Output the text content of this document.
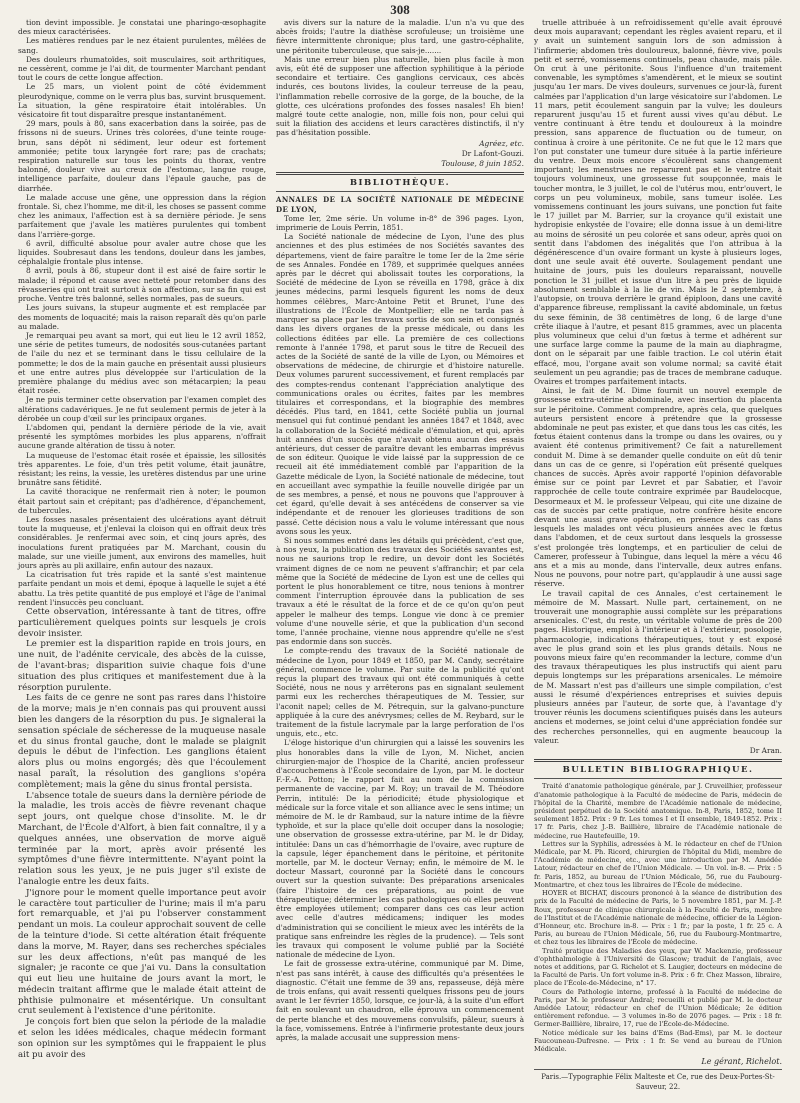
308

tion devint impossible. Je constatai une pharingo-œsophagite des mieux caractérisées.

Les matières rendues par le nez étaient purulentes, mêlées de sang.

Des douleurs rhumatoïdes, soit musculaires, soit arthritiques, ne cessèrent, comme je l'ai dit, de tourmenter Marchant pendant tout le cours de cette longue affection.

Le 25 mars, un violent point de côté évidemment pleurodynique, comme on le verra plus bas, survint brusquement. La situation, la gêne respiratoire était intolérables. Un vésicatoire fit tout disparaître presque instantanément.

29 mars, pouls à 80, sans exacerbation dans la soirée, pas de frissons ni de sueurs. Urines très colorées, d'une teinte rouge-brun, sans dépôt ni sédiment, leur odeur est fortement ammoniée; petite toux laryngée fort rare; pas de crachats; respiration naturelle sur tous les points du thorax, ventre balonné, douleur vive au creux de l'estomac, langue rouge, intelligence parfaite, douleur dans l'épaule gauche, pas de diarrhée.

Le malade accuse une gêne, une oppression dans la région frontale. Si, chez l'homme, me dit-il, les choses se passent comme chez les animaux, l'affection est à sa dernière période. Je sens parfaitement que j'avale les matières purulentes qui tombent dans l'arrière-gorge.

6 avril, difficulté absolue pour avaler autre chose que les liquides. Soubresaut dans les tendons, douleur dans les jambes, céphalalgie frontale plus intense.

8 avril, pouls à 86, stupeur dont il est aisé de faire sortir le malade; il répond et cause avec netteté pour retomber dans des rêvasseries qui ont trait surtout à son affection, sur sa fin qui est proche. Ventre très balonné, selles normales, pas de sueurs.

Les jours suivans, la stupeur augmente et est remplacée par des moments de loquacité; mais la raison reparaît dès qu'on parle au malade.

Je remarquai peu avant sa mort, qui eut lieu le 12 avril 1852, une série de petites tumeurs, de nodosités sous-cutanées partant de l'aile du nez et se terminant dans le tissu cellulaire de la pommette; le dos de la main gauche en présentait aussi plusieurs et une entre autres plus développée sur l'articulation de la première phalange du médius avec son métacarpien; la peau était rosée.

Je ne puis terminer cette observation par l'examen complet des altérations cadavériques. Je ne fut seulement permis de jeter à la dérobée un coup d'œil sur les principaux organes.

L'abdomen qui, pendant la dernière période de la vie, avait présenté les symptômes morbides les plus apparens, n'offrait aucune grande altération de tissu à noter.

La muqueuse de l'estomac était rosée et épaissie, les sillosités très apparentes. Le foie, d'un très petit volume, était jaunâtre, résistant; les reins, la vessie, les uretères distendus par une urine brunâtre sans fétidité.

La cavité thoracique ne renfermait rien à noter; le poumon était partout sain et crépitant; pas d'adhérence, d'épanchement, de tubercules.

Les fosses nasales présentaient des ulcérations ayant détruit toute la muqueuse, et j'enlevai la cloison qui en offrait deux très considérables. Je renfermai avec soin, et cinq jours après, des inoculations furent pratiquées par M. Marchant, cousin du malade, sur une vieille jument, aux environs des mamelles, huit jours après au pli axillaire, enfin autour des nazaux.

La cicatrisation fut très rapide et la santé s'est maintenue parfaite pendant un mois et demi, époque à laquelle le sujet a été abattu. La très petite quantité de pus employé et l'âge de l'animal rendent l'insuccès peu concluant.

Cette observation, intéressante à tant de titres, offre particulièrement quelques points sur lesquels je crois devoir insister.

Le premier est la disparition rapide en trois jours, en une nuit, de l'adénite cervicale, des abcès de la cuisse, de l'avant-bras; disparition suivie chaque fois d'une situation des plus critiques et manifestement due à la résorption purulente.

Les faits de ce genre ne sont pas rares dans l'histoire de la morve; mais je n'en connais pas qui prouvent aussi bien les dangers de la résorption du pus. Je signalerai la sensation spéciale de sécheresse de la muqueuse nasale et du sinus frontal gauche, dont le malade se plaignit depuis le début de l'infection. Les ganglions étaient alors plus ou moins engorgés; dès que l'écoulement nasal paraît, la résolution des ganglions s'opéra complètement; mais la gêne du sinus frontal persista.

L'absence totale de sueurs dans la dernière période de la maladie, les trois accès de fièvre revenant chaque sept jours, ont quelque chose d'insolite. M. le dr Marchant, de l'École d'Alfort, à bien fait connaître, il y a quelques années, une observation de morve aiguë terminée par la mort, après avoir présenté les symptômes d'une fièvre intermittente. N'ayant point la relation sous les yeux, je ne puis juger s'il existe de l'analogie entre les deux faits.

J'ignore pour le moment quelle importance peut avoir le caractère tout particulier de l'urine; mais il m'a paru fort remarquable, et j'ai pu l'observer constamment pendant un mois. La couleur approchait souvent de celle de la teinture d'iode. Si cette altération était fréquente dans la morve, M. Rayer, dans ses recherches spéciales sur les deux affections, n'eût pas manqué de les signaler; je raconte ce que j'ai vu. Dans la consultation qui eut lieu une huitaine de jours avant la mort, le médecin traitant affirme que le malade était atteint de phthisie pulmonaire et mésentérique. Un consultant crut seulement à l'existence d'une péritonite.

Je conçois fort bien que selon la période de la maladie et selon les idées médicales, chaque médecin formant son opinion sur les symptômes qui le frappaient le plus ait pu avoir des

avis divers sur la nature de la maladie. L'un n'a vu que des abcès froids; l'autre la diathèse scrofuleuse; un troisième une fièvre intermittente chronique; plus tard, une gastro-céphalite, une péritonite tuberculeuse, que sais-je.......

Mais une erreur bien plus naturelle, bien plus facile à mon avis, eût été de supposer une affection syphilitique à la période secondaire et tertiaire. Ces ganglions cervicaux, ces abcès indurés, ces boutons livides, la couleur terreuse de la peau, l'inflammation rebelle corrosive de la gorge, de la bouche, de la glotte, ces ulcérations profondes des fosses nasales! Eh bien! malgré toute cette analogie, non, mille fois non, pour celui qui suit la filiation des accidens et leurs caractères distinctifs, il n'y pas d'hésitation possible.

Agréez, etc.
Dr Lafont-Gouzi.
Toulouse, 8 juin 1852.
BIBLIOTHÈQUE.
ANNALES DE LA SOCIÉTÉ NATIONALE DE MÉDECINE DE LYON,

Tome Ier, 2me série. Un volume in-8° de 396 pages. Lyon, imprimerie de Louis Perrin, 1851.

La Société nationale de médecine de Lyon, l'une des plus anciennes et des plus estimées de nos Sociétés savantes des départemens, vient de faire paraître le tome Ier de la 2me série de ses Annales. Fondée en 1789, et supprimée quelques années après par le décret qui abolissait toutes les corporations, la Société de médecine de Lyon se réveilla en 1798, grâce à dix jeunes médecins, parmi lesquels figurent les noms de deux hommes célèbres, Marc-Antoine Petit et Brunet, l'une des illustrations de l'École de Montpellier; elle ne tarda pas à marquer sa place par les travaux sortis de son sein et consignés dans les divers organes de la presse médicale, ou dans les collections éditées par elle. La première de ces collections remonte à l'année 1798, et parut sous le titre de Recueil des actes de la Société de santé de la ville de Lyon, ou Mémoires et observations de médecine, de chirurgie et d'histoire naturelle. Deux volumes parurent successivement, et furent remplacés par des comptes-rendus contenant l'appréciation analytique des communications orales ou écrites, faites par les membres titulaires et correspondans, et la biographie des membres décédés. Plus tard, en 1841, cette Société publia un journal mensuel qui fut continué pendant les années 1847 et 1848, avec la collaboration de la Société médicale d'émulation, et qui, après huit années d'un succès que n'avait obtenu aucun des essais antérieurs, dut cesser de paraître devant les embarras imprévus de son éditeur. Quoique le vide laissé par la suppression de ce recueil ait été immédiatement comblé par l'apparition de la Gazette médicale de Lyon, la Société nationale de médecine, tout en accueillant avec sympathie la feuille nouvelle dirigée par un de ses membres, a pensé, et nous ne pouvons que l'approuver à cet égard, qu'elle devait à ses antécédens de conserver sa vie indépendante et de renouer les glorieuses traditions de son passé. Cette décision nous a valu le volume intéressant que nous avons sous les yeux.

Si nous sommes entré dans les détails qui précèdent, c'est que, à nos yeux, la publication des travaux des Sociétés savantes est, nous ne saurions trop le redire, un devoir dont les Sociétés vraiment dignes de ce nom ne peuvent s'affranchir; et par cela même que la Société de médecine de Lyon est une de celles qui portent le plus honorablement ce titre, nous tenions à montrer comment l'interruption éprouvée dans la publication de ses travaux a été le résultat de la force et de ce qu'on qu'on peut appeler le malheur des temps. Longue vie donc à ce premier volume d'une nouvelle série, et que la publication d'un second tome, l'année prochaine, vienne nous apprendre qu'elle ne s'est pas endormie dans son succès.

Le compte-rendu des travaux de la Société nationale de médecine de Lyon, pour 1849 et 1850, par M. Candy, secrétaire général, commence le volume. Par suite de la publicité qu'ont reçus la plupart des travaux qui ont été communiqués à cette Société, nous ne nous y arrêterons pas en signalant seulement parmi eux les recherches thérapeutiques de M. Tessier, sur l'aconit napel; celles de M. Pétrequin, sur la galvano-puncture appliquée à la cure des anévrysmes; celles de M. Reybard, sur le traitement de la fistule lacrymale par la large perforation de l'os unguis, etc., etc.

L'éloge historique d'un chirurgien qui a laissé les souvenirs les plus honorables dans la ville de Lyon, M. Nichet, ancien chirurgien-major de l'hospice de la Charité, ancien professeur d'accouchemens à l'École secondaire de Lyon, par M. le docteur F.-F.-A. Potton; le rapport fait au nom de la commission permanente de vaccine, par M. Roy; un travail de M. Théodore Perrin, intitulé: De la périodicité; étude physiologique et médicale sur la force vitale et son alliance avec le sens intime; un mémoire de M. le dr Rambaud, sur la nature intime de la fièvre typhoïde, et sur la place qu'elle doit occuper dans la nosologie; une observation de grossesse extra-utérine, par M. le dr Diday, intitulée: Dans un cas d'hémorrhagie de l'ovaire, avec rupture de la capsule, léger épanchement dans le péritoine, et péritonite mortelle, par M. le docteur Vernay; enfin, le mémoire de M. le docteur Massart, couronné par la Société dans le concours ouvert sur la question suivante: Des préparations arsenicales (faire l'histoire de ces préparations, au point de vue thérapeutique; déterminer les cas pathologiques où elles peuvent être employées utilement; comparer dans ces cas leur action avec celle d'autres médicamens; indiquer les modes d'administration qui se concilient le mieux avec les intérêts de la pratique sans enfreindre les règles de la prudence). — Tels sont les travaux qui composent le volume publié par la Société nationale de médecine de Lyon.

Le fait de grossesse extra-utérine, communiqué par M. Dime, n'est pas sans intérêt, à cause des difficultés qu'a présentées le diagnostic. C'était une femme de 39 ans, repasseuse, déjà mère de trois enfans, qui avait ressenti quelques frissons peu de jours avant le 1er février 1850, lorsque, ce jour-là, à la suite d'un effort fait en soulevant un chaudron, elle éprouva un commencement de perte blanche et des mouvemens convulsifs, pâleur, sueurs à la face, vomissemens. Entrée à l'infirmerie protestante deux jours après, la malade accusait une suppression mens-

truelle attribuée à un refroidissement qu'elle avait éprouvé deux mois auparavant; cependant les règles avaient reparu, et il y avait un suintement sanguin lors de son admission à l'infirmerie; abdomen très douloureux, balonné, fièvre vive, pouls petit et serré, vomissemens continuels, peau chaude, mais pâle. On crut à une péritonite. Sous l'influence d'un traitement convenable, les symptômes s'amendèrent, et le mieux se soutint jusqu'au 1er mars. De vives douleurs, survenues ce jour-là, furent calmées par l'application d'un large vésicatoire sur l'abdomen. Le 11 mars, petit écoulement sanguin par la vulve; les douleurs reparurent jusqu'au 15 et furent aussi vives qu'au début. Le ventre continuant à être tendu et douloureux à la moindre pression, sans apparence de fluctuation ou de tumeur, on continua à croire à une péritonite. Ce ne fut que le 12 mars que l'on put constater une tumeur dure située à la partie inférieure du ventre. Deux mois encore s'écoulèrent sans changement important; les menstrues ne reparurent pas et le ventre était toujours volumineux, une grossesse fut soupçonnée, mais le toucher montra, le 3 juillet, le col de l'utérus mou, entr'ouvert, le corps un peu volumineux, mobile, sans tumeur isolée. Les vomissemens continuant les jours suivans, une ponction fut faite le 17 juillet par M. Barrier, sur la croyance qu'il existait une hydropisie enkystée de l'ovaire; elle donna issue à un demi-litre au moins de sérosité un peu colorée et sans odeur, après quoi on sentit dans l'abdomen des inégalités que l'on attribua à la dégénérescence d'un ovaire formant un kyste à plusieurs loges, dont une seule avait été ouverte. Soulagement pendant une huitaine de jours, puis les douleurs reparaissant, nouvelle ponction le 31 juillet et issue d'un litre à peu près de liquide absolument semblable à la lie de vin. Mais le 2 septembre, à l'autopsie, on trouva derrière le grand épiploon, dans une cavité d'apparence fibreuse, remplissant la cavité abdominale, un fœtus du sexe féminin, de 38 centimètres de long, 6 de large d'une crête iliaque à l'autre, et pesant 815 grammes, avec un placenta plus volumineux que celui d'un fœtus à terme et adhérent sur une surface large comme la paume de la main au diaphragme, dont on le séparait par une faible traction. Le col utérin était effacé, mou, l'organe avait son volume normal; sa cavité était seulement un peu agrandie; pas de traces de membrane caduque. Ovaires et trompes parfaitement intacts.

Ainsi, le fait de M. Dime fournit un nouvel exemple de grossesse extra-utérine abdominale, avec insertion du placenta sur le péritoine. Comment comprendre, après cela, que quelques auteurs persistent encore à prétendre que la grossesse abdominale ne peut pas exister, et que dans tous les cas cités, les fœtus étaient contenus dans la trompe ou dans les ovaires, ou y avaient été contenus primitivement? Ce fait a naturellement conduit M. Dime à se demander quelle conduite on eût dû tenir dans un cas de ce genre, si l'opération eût présenté quelques chances de succès. Après avoir rapporté l'opinion défavorable émise sur ce point par Levret et par Sabatier, et l'avoir rapprochée de celle toute contraire exprimée par Baudelocque, Desormeaux et M. le professeur Velpeau, qui cite une dizaine de cas de succès par cette pratique, notre confrère hésite encore devant une aussi grave opération, en présence des cas dans lesquels les malades ont vécu plusieurs années avec le fœtus dans l'abdomen, et de ceux surtout dans lesquels la grossesse s'est prolongée très longtemps, et en particulier de celui de Camerer, professeur à Tubingue, dans lequel la mère a vécu 46 ans et a mis au monde, dans l'intervalle, deux autres enfans. Nous ne pouvons, pour notre part, qu'applaudir à une aussi sage réserve.

Le travail capital de ces Annales, c'est certainement le mémoire de M. Massart. Nulle part, certainement, on ne trouverait une monographie aussi complète sur les préparations arsenicales. C'est, du reste, un véritable volume de près de 200 pages. Historique, emploi à l'intérieur et à l'extérieur, posologie, pharmacologie, indications thérapeutiques, tout y est exposé avec le plus grand soin et les plus grands détails. Nous ne pouvons mieux faire qu'en recommander la lecture, comme d'un des travaux thérapeutiques les plus instructifs qui aient paru depuis longtemps sur les préparations arsenicales. Le mémoire de M. Massart n'est pas d'ailleurs une simple compilation, c'est aussi le résumé d'expériences entreprises et suivies depuis plusieurs années par l'auteur, de sorte que, à l'avantage d'y trouver réunis les documens scientifiques puisés dans les auteurs anciens et modernes, se joint celui d'une appréciation fondée sur des recherches personnelles, qui en augmente beaucoup la valeur.

Dr Aran.
BULLETIN BIBLIOGRAPHIQUE.

Traité d'anatomie pathologique générale, par J. Cruveilhier, professeur d'anatomie pathologique à la Faculté de médecine de Paris, médecin de l'hôpital de la Charité, membre de l'Académie nationale de médecine, président perpétuel de la Société anatomique. In-8, Paris, 1852, tome II seulement 1852. Prix : 9 fr. Les tomes I et II ensemble, 1849-1852. Prix : 17 fr. Paris, chez J.-B. Baillière, libraire de l'Académie nationale de médecine, rue Hautefeuille, 19.

Lettres sur la Syphilis, adressées à M. le rédacteur en chef de l'Union Médicale, par M. Ph. Ricord, chirurgien de l'hôpital du Midi, membre de l'Académie de médecine, etc., avec une introduction par M. Amédée Latour, rédacteur en chef de l'Union Médicale. — Un vol. in-8. — Prix : 5 fr. Paris, 1852, au bureau de l'Union Médicale, 56, rue du Faubourg-Montmartre, et chez tous les libraires de l'École de médecine.

HOYER et BICHAT, discours prononcé à la séance de distribution des prix de la Faculté de médecine de Paris, le 5 novembre 1851, par M. J.-P. Roux, professeur de clinique chirurgicale à la Faculté de Paris, membre de l'Institut et de l'Académie nationale de médecine, officier de la Légion-d'Honneur, etc. Brochure in-8. — Prix : 1 fr.; par la poste, 1 fr. 25 c. A Paris, au bureau de l'Union Médicale, 56, rue du Faubourg-Montmartre, et chez tous les libraires de l'École de médecine.

Traité pratique des Maladies des yeux, par W. Mackenzie, professeur d'ophthalmologie à l'Université de Glascow; traduit de l'anglais, avec notes et additions, par G. Richelot et S. Laugier, docteurs en médecine de la Faculté de Paris. Un fort volume in-8. Prix : 6 fr. Chez Masson, libraire, place de l'École-de-Médecine, n° 17.

Cours de Pathologie interne, professé à la Faculté de médecine de Paris, par M. le professeur Andral; recueilli et publié par M. le docteur Amédée Latour, rédacteur en chef de l'Union Médicale; 2e édition entièrement refondue. — 3 volumes in-8o de 2076 pages. — Prix : 18 fr. Germer-Baillière, libraire, 17, rue de l'École-de-Médecine.

Notice médicale sur les bains d'Ems (Bad-Ems), par M. le docteur Faucouneau-Dufresne. — Prix : 1 fr. Se vend au bureau de l'Union Médicale.

Le gérant, Richelot.
Paris.—Typographie Félix Malteste et Ce, rue des Deux-Portes-St-Sauveur, 22.
